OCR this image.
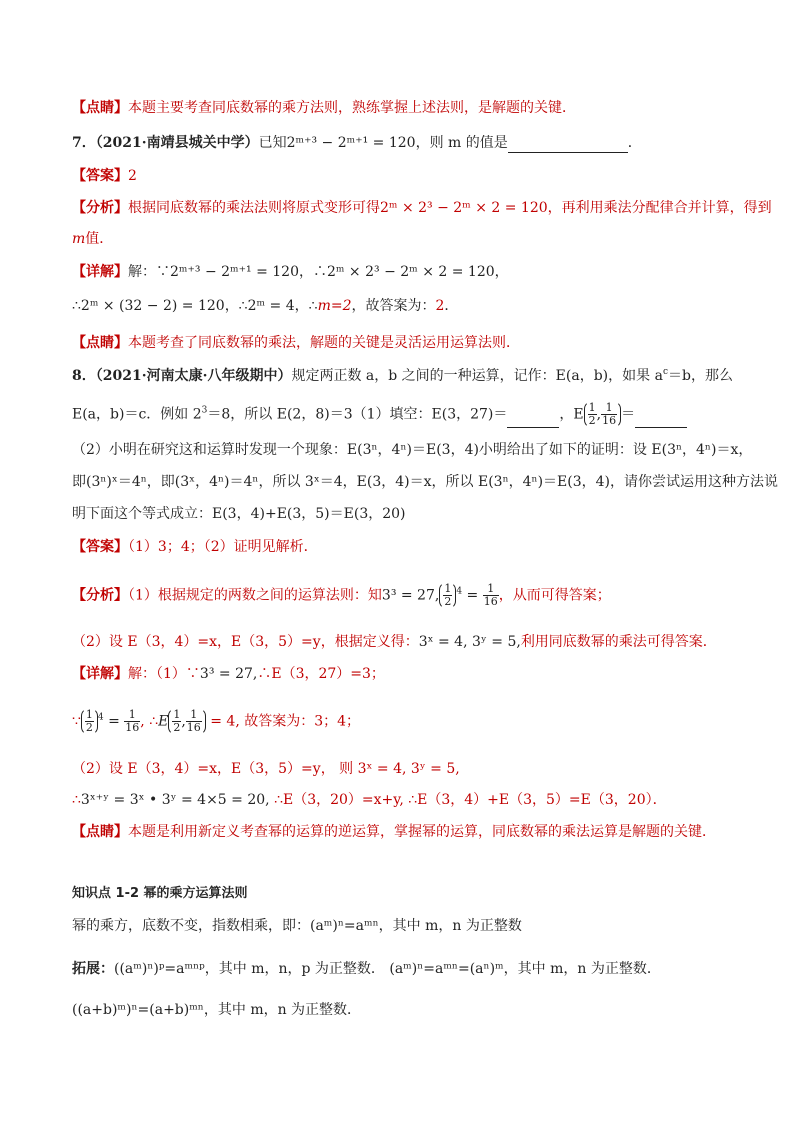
【点睛】本题主要考查同底数幂的乘方法则，熟练掌握上述法则，是解题的关键．
7．（2021·南靖县城关中学）已知2ᵐ⁺³ − 2ᵐ⁺¹ = 120，则 m 的值是	．
【答案】2
【分析】根据同底数幂的乘法法则将原式变形可得2ᵐ × 2³ − 2ᵐ × 2 = 120，再利用乘法分配律合并计算，得到
m值．
【详解】解：∵2ᵐ⁺³ − 2ᵐ⁺¹ = 120，∴2ᵐ × 2³ − 2ᵐ × 2 = 120，
∴2ᵐ × (32 − 2) = 120，∴2ᵐ = 4，∴m=2，故答案为：2．
【点睛】本题考查了同底数幂的乘法，解题的关键是灵活运用运算法则．
8．（2021·河南太康·八年级期中）规定两正数 a，b 之间的一种运算，记作：E(a，b)，如果 $a^c=b$，那么
E(a，b)＝c．例如 $2^3=8$，所以 E(2，8)＝3（1）填空：E(3，27)＝	，E $\frac{1}{2}$ , $\frac{1}{16}$ ＝
（2）小明在研究这和运算时发现一个现象：E(3ⁿ，4ⁿ)＝E(3，4)小明给出了如下的证明：设 E(3ⁿ，4ⁿ)＝x，
即(3ⁿ)ˣ＝4ⁿ，即(3ˣ，4ⁿ)＝4ⁿ，所以 3ˣ＝4，E(3，4)＝x，所以 E(3ⁿ，4ⁿ)＝E(3，4)，请你尝试运用这种方法说
明下面这个等式成立：E(3，4)+E(3，5)＝E(3，20)
【答案】（1）3；4；（2）证明见解析．
【分析】（1）根据规定的两数之间的运算法则：知3³ = 27, $\frac{1}{2} ^4 = \frac{1}{16}$ ，从而可得答案；
（2）设 E（3，4）=x，E（3，5）=y，根据定义得：3ˣ = 4, 3ʸ = 5,利用同底数幂的乘法可得答案．
【详解】解：（1）∵3³ = 27,∴E（3，27）=3；
∵ $\frac{1}{2} ^4 = \frac{1}{16}$ , ∴E $\frac{1}{2}$ , $\frac{1}{16} = 4$, 故答案为：3；4；
（2）设 E（3，4）=x，E（3，5）=y， 则 3ˣ = 4, 3ʸ = 5,
∴3ˣ⁺ʸ = 3ˣ • 3ʸ = 4×5 = 20, ∴E（3，20）=x+y, ∴E（3，4）+E（3，5）=E（3，20）．
【点睛】本题是利用新定义考查幂的运算的逆运算，掌握幂的运算，同底数幂的乘法运算是解题的关键．
知识点 1-2 幂的乘方运算法则
幂的乘方，底数不变，指数相乘，即：(aᵐ)ⁿ=aᵐⁿ，其中 m，n 为正整数
拓展：((aᵐ)ⁿ)ᵖ=aᵐⁿᵖ，其中 m，n，p 为正整数． (aᵐ)ⁿ=aᵐⁿ=(aⁿ)ᵐ，其中 m，n 为正整数．
((a+b)ᵐ)ⁿ=(a+b)ᵐⁿ，其中 m，n 为正整数．
